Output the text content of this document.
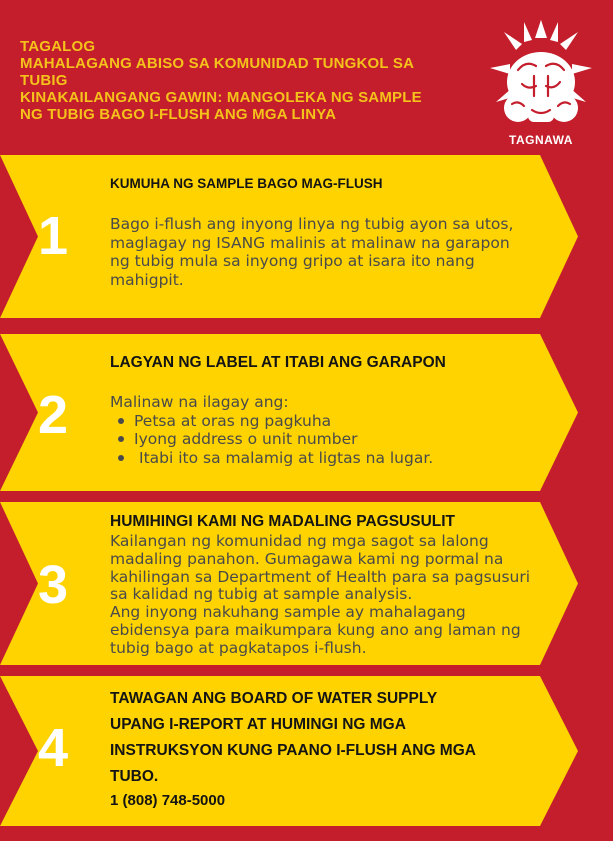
TAGALOG
MAHALAGANG ABISO SA KOMUNIDAD TUNGKOL SA
TUBIG
KINAKAILANGANG GAWIN: MANGOLEKA NG SAMPLE
NG TUBIG BAGO I-FLUSH ANG MGA LINYA
TAGNAWA
1
KUMUHA NG SAMPLE BAGO MAG-FLUSH
Bago i-flush ang inyong linya ng tubig ayon sa utos,
maglagay ng ISANG malinis at malinaw na garapon
ng tubig mula sa inyong gripo at isara ito nang
mahigpit.
2
LAGYAN NG LABEL AT ITABI ANG GARAPON
Malinaw na ilagay ang:
Petsa at oras ng pagkuha
Iyong address o unit number
Itabi ito sa malamig at ligtas na lugar.
3
HUMIHINGI KAMI NG MADALING PAGSUSULIT
Kailangan ng komunidad ng mga sagot sa lalong
madaling panahon. Gumagawa kami ng pormal na
kahilingan sa Department of Health para sa pagsusuri
sa kalidad ng tubig at sample analysis.
Ang inyong nakuhang sample ay mahalagang
ebidensya para maikumpara kung ano ang laman ng
tubig bago at pagkatapos i-flush.
4
TAWAGAN ANG BOARD OF WATER SUPPLY
UPANG I-REPORT AT HUMINGI NG MGA
INSTRUKSYON KUNG PAANO I-FLUSH ANG MGA
TUBO.
1 (808) 748-5000
